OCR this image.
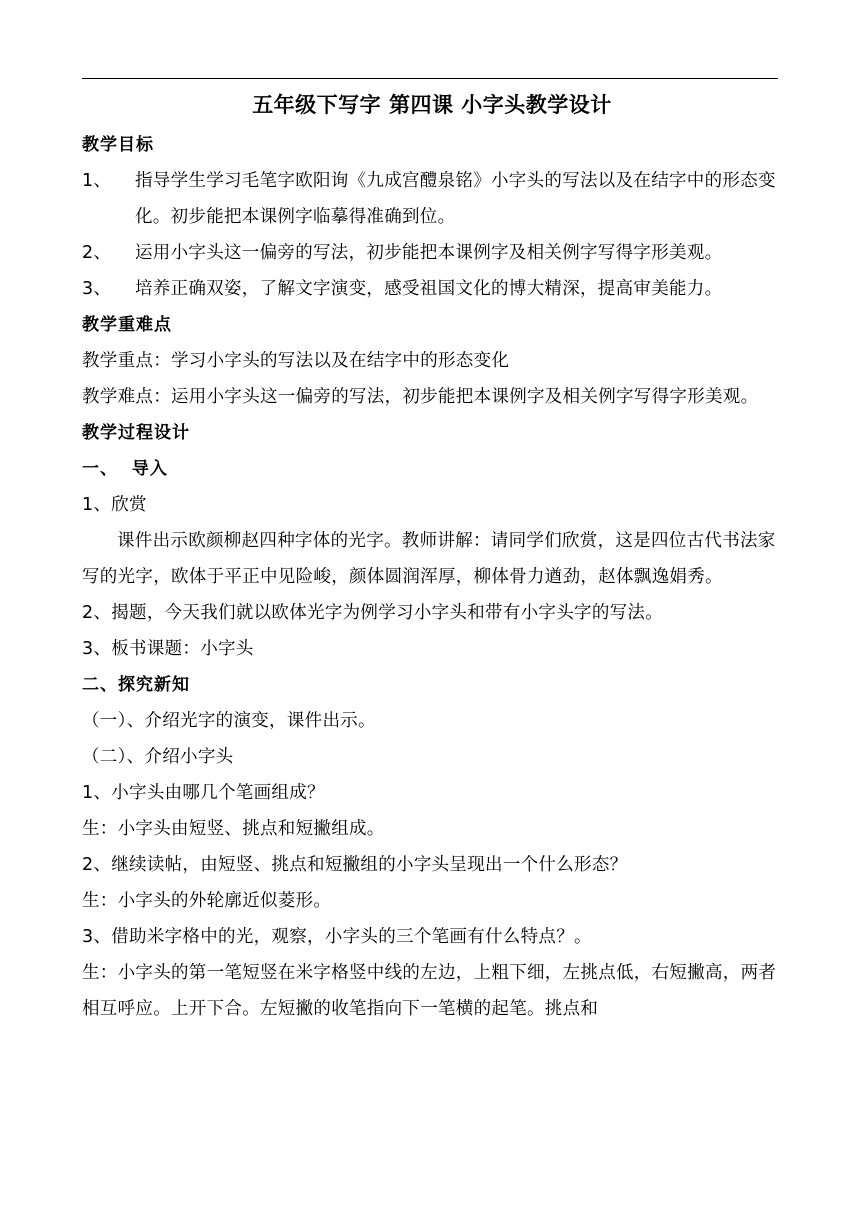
五年级下写字 第四课 小字头教学设计

教学目标

1、	指导学生学习毛笔字欧阳询《九成宫醴泉铭》小字头的写法以及在结字中的形态变化。初步能把本课例字临摹得准确到位。
2、	运用小字头这一偏旁的写法，初步能把本课例字及相关例字写得字形美观。
3、	培养正确双姿，了解文字演变，感受祖国文化的博大精深，提高审美能力。

教学重难点

教学重点：学习小字头的写法以及在结字中的形态变化

教学难点：运用小字头这一偏旁的写法，初步能把本课例字及相关例字写得字形美观。

教学过程设计

一、  导入

1、欣赏

课件出示欧颜柳赵四种字体的光字。教师讲解：请同学们欣赏，这是四位古代书法家写的光字，欧体于平正中见险峻，颜体圆润浑厚，柳体骨力遒劲，赵体飘逸娟秀。

2、揭题，今天我们就以欧体光字为例学习小字头和带有小字头字的写法。

3、板书课题：小字头

二、探究新知

（一）、介绍光字的演变，课件出示。

（二）、介绍小字头

1、小字头由哪几个笔画组成？

生：小字头由短竖、挑点和短撇组成。

2、继续读帖，由短竖、挑点和短撇组的小字头呈现出一个什么形态？

生：小字头的外轮廓近似菱形。

3、借助米字格中的光，观察，小字头的三个笔画有什么特点？。

生：小字头的第一笔短竖在米字格竖中线的左边，上粗下细，左挑点低，右短撇高，两者相互呼应。上开下合。左短撇的收笔指向下一笔横的起笔。挑点和
